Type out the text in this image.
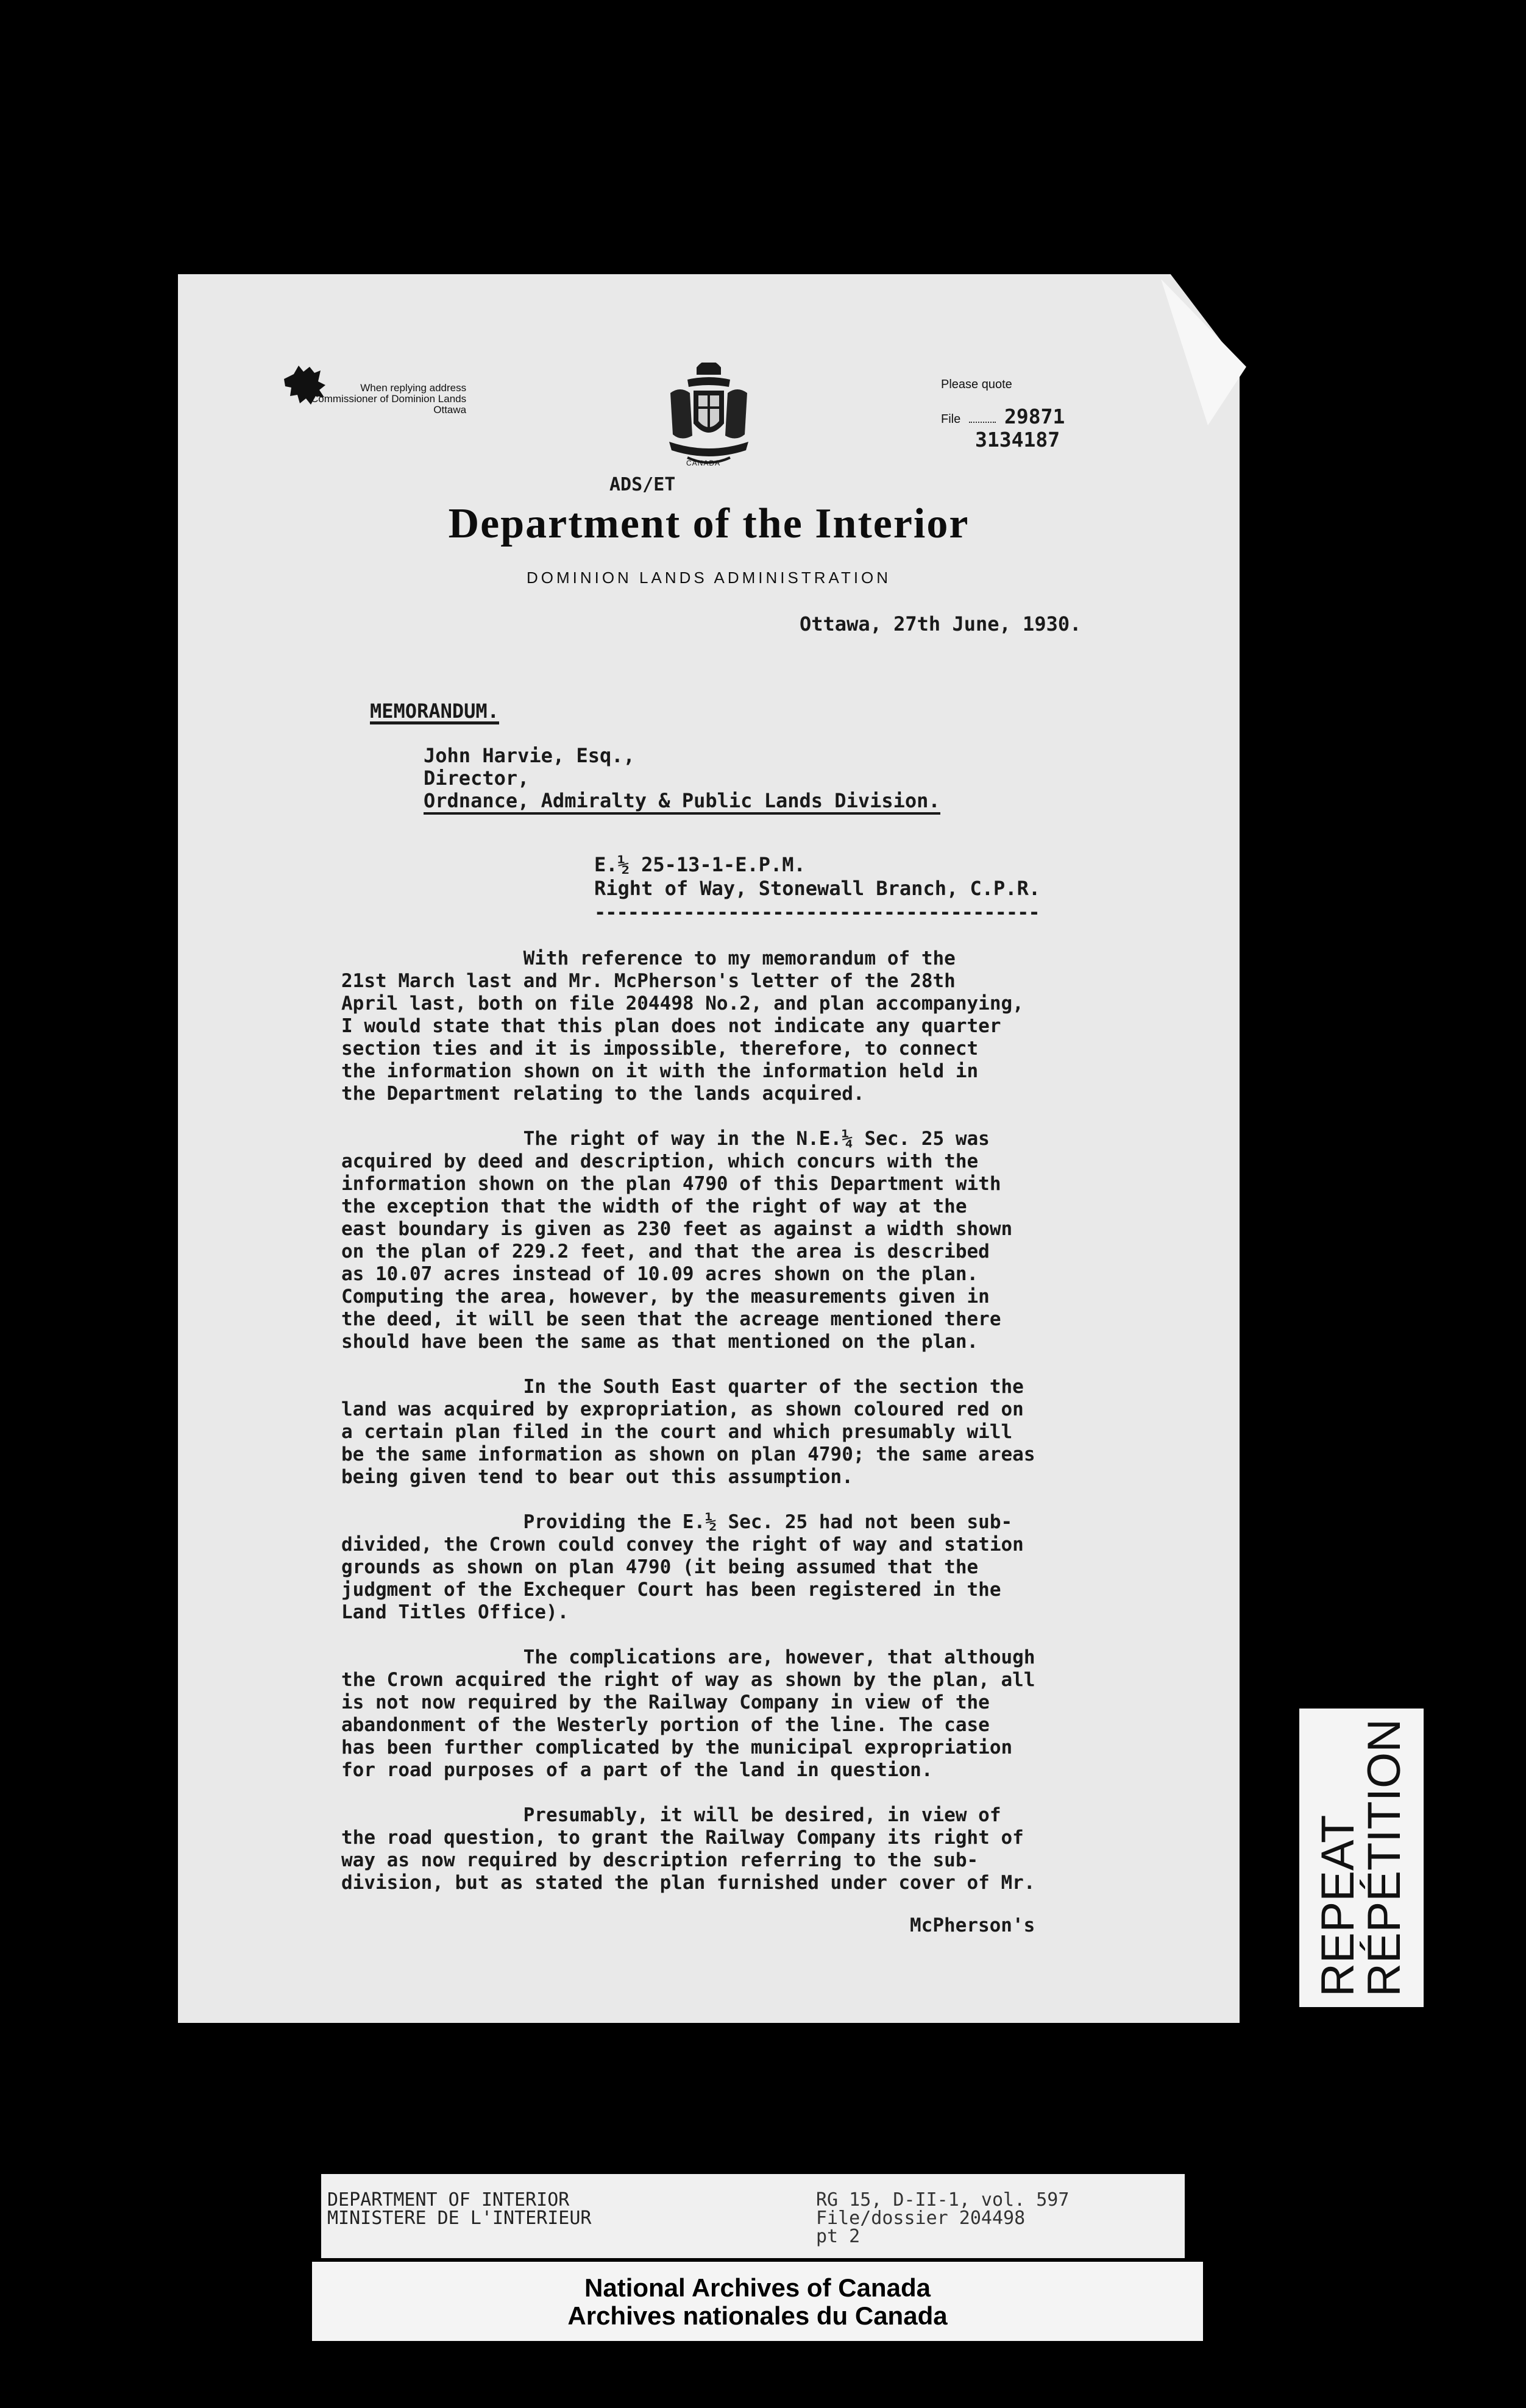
When replying address
Commissioner of Dominion Lands
Ottawa
CANADA
Please quote
File 29871
3134187
ADS/ET
Department of the Interior
DOMINION LANDS ADMINISTRATION
Ottawa, 27th June, 1930.
MEMORANDUM.
John Harvie, Esq.,
Director,
Ordnance, Admiralty & Public Lands Division.
E.½ 25-13-1-E.P.M.
Right of Way, Stonewall Branch, C.P.R.
----------------------------------------
With reference to my memorandum of the
21st March last and Mr. McPherson's letter of the 28th
April last, both on file 204498 No.2, and plan accompanying,
I would state that this plan does not indicate any quarter
section ties and it is impossible, therefore, to connect
the information shown on it with the information held in
the Department relating to the lands acquired.
The right of way in the N.E.¼ Sec. 25 was
acquired by deed and description, which concurs with the
information shown on the plan 4790 of this Department with
the exception that the width of the right of way at the
east boundary is given as 230 feet as against a width shown
on the plan of 229.2 feet, and that the area is described
as 10.07 acres instead of 10.09 acres shown on the plan.
Computing the area, however, by the measurements given in
the deed, it will be seen that the acreage mentioned there
should have been the same as that mentioned on the plan.
In the South East quarter of the section the
land was acquired by expropriation, as shown coloured red on
a certain plan filed in the court and which presumably will
be the same information as shown on plan 4790; the same areas
being given tend to bear out this assumption.
Providing the E.½ Sec. 25 had not been sub-
divided, the Crown could convey the right of way and station
grounds as shown on plan 4790 (it being assumed that the
judgment of the Exchequer Court has been registered in the
Land Titles Office).
The complications are, however, that although
the Crown acquired the right of way as shown by the plan, all
is not now required by the Railway Company in view of the
abandonment of the Westerly portion of the line. The case
has been further complicated by the municipal expropriation
for road purposes of a part of the land in question.
Presumably, it will be desired, in view of
the road question, to grant the Railway Company its right of
way as now required by description referring to the sub-
division, but as stated the plan furnished under cover of Mr.
McPherson's	REPEAT
RÉPÉTITION
DEPARTMENT OF INTERIOR
MINISTERE DE L'INTERIEUR
RG 15, D-II-1, vol. 597
File/dossier 204498
pt 2
National Archives of Canada
Archives nationales du Canada
